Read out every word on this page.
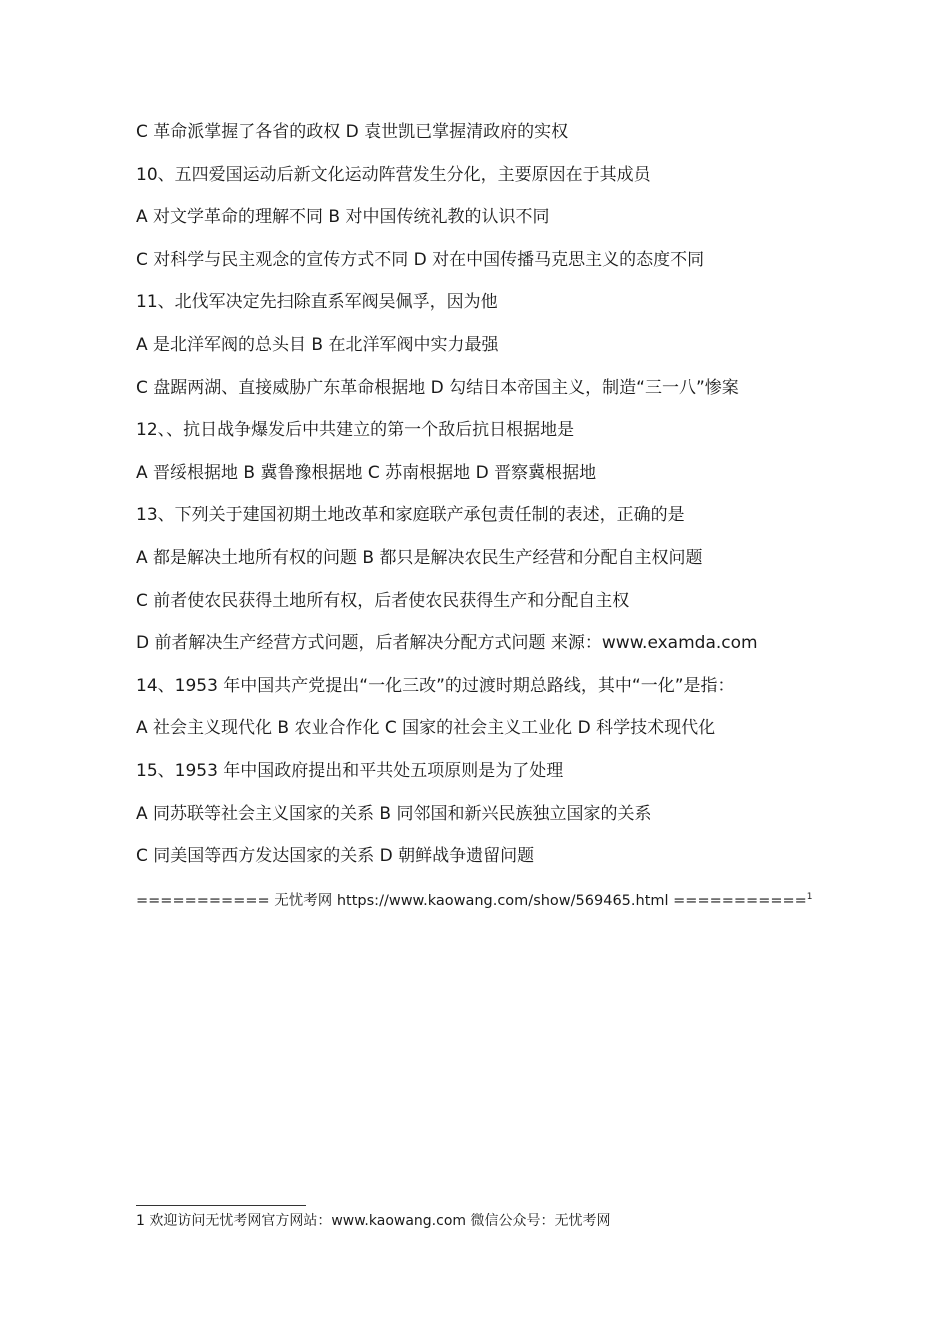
C 革命派掌握了各省的政权 D 袁世凯已掌握清政府的实权
10、五四爱国运动后新文化运动阵营发生分化，主要原因在于其成员
A 对文学革命的理解不同 B 对中国传统礼教的认识不同
C 对科学与民主观念的宣传方式不同 D 对在中国传播马克思主义的态度不同
11、北伐军决定先扫除直系军阀吴佩孚，因为他
A 是北洋军阀的总头目 B 在北洋军阀中实力最强
C 盘踞两湖、直接威胁广东革命根据地 D 勾结日本帝国主义，制造“三一八”惨案
12、、抗日战争爆发后中共建立的第一个敌后抗日根据地是
A 晋绥根据地 B 冀鲁豫根据地 C 苏南根据地 D 晋察冀根据地
13、下列关于建国初期土地改革和家庭联产承包责任制的表述，正确的是
A 都是解决土地所有权的问题 B 都只是解决农民生产经营和分配自主权问题
C 前者使农民获得土地所有权，后者使农民获得生产和分配自主权
D 前者解决生产经营方式问题，后者解决分配方式问题 来源：www.examda.com
14、1953 年中国共产党提出“一化三改”的过渡时期总路线，其中“一化”是指：
A 社会主义现代化 B 农业合作化 C 国家的社会主义工业化 D 科学技术现代化
15、1953 年中国政府提出和平共处五项原则是为了处理
A 同苏联等社会主义国家的关系 B 同邻国和新兴民族独立国家的关系
C 同美国等西方发达国家的关系 D 朝鲜战争遗留问题
=========== 无忧考网 https://www.kaowang.com/show/569465.html ===========$^1$
1 欢迎访问无忧考网官方网站：www.kaowang.com 微信公众号：无忧考网
